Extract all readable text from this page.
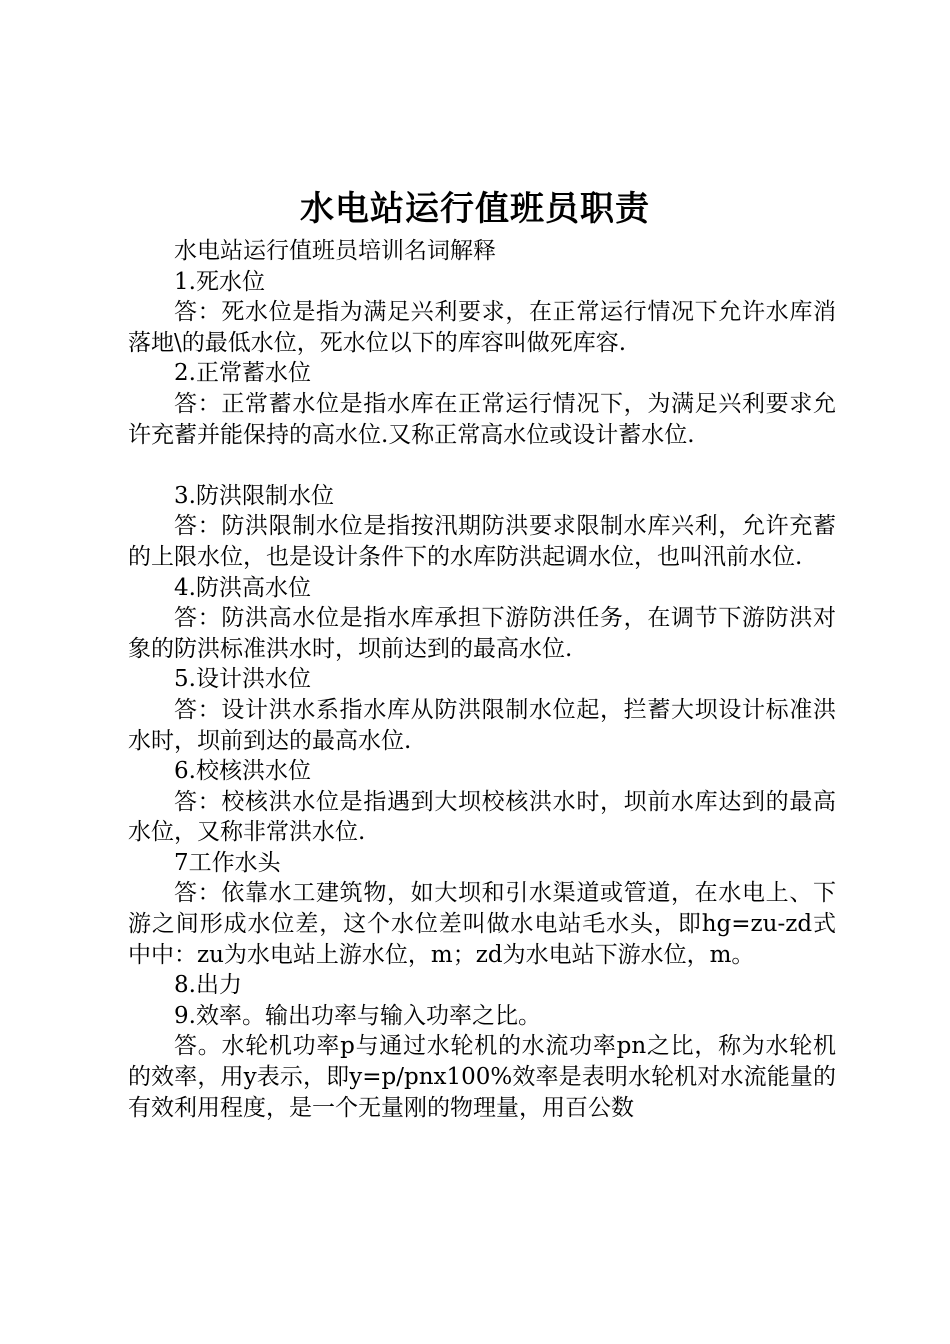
水电站运行值班员职责

水电站运行值班员培训名词解释

1.死水位

答：死水位是指为满足兴利要求，在正常运行情况下允许水库消落地\的最低水位，死水位以下的库容叫做死库容.

2.正常蓄水位

答：正常蓄水位是指水库在正常运行情况下，为满足兴利要求允许充蓄并能保持的高水位.又称正常高水位或设计蓄水位.

3.防洪限制水位

答：防洪限制水位是指按汛期防洪要求限制水库兴利，允许充蓄的上限水位，也是设计条件下的水库防洪起调水位，也叫汛前水位.

4.防洪高水位

答：防洪高水位是指水库承担下游防洪任务，在调节下游防洪对象的防洪标准洪水时，坝前达到的最高水位.

5.设计洪水位

答：设计洪水系指水库从防洪限制水位起，拦蓄大坝设计标准洪水时，坝前到达的最高水位.

6.校核洪水位

答：校核洪水位是指遇到大坝校核洪水时，坝前水库达到的最高水位，又称非常洪水位.

7工作水头

答：依靠水工建筑物，如大坝和引水渠道或管道，在水电上、下游之间形成水位差，这个水位差叫做水电站毛水头，即hg=zu-zd式中中：zu为水电站上游水位，m；zd为水电站下游水位，m。

8.出力

9.效率。输出功率与输入功率之比。

答。水轮机功率p与通过水轮机的水流功率pn之比，称为水轮机的效率，用y表示，即y=p/pnx100%效率是表明水轮机对水流能量的有效利用程度，是一个无量刚的物理量，用百公数
